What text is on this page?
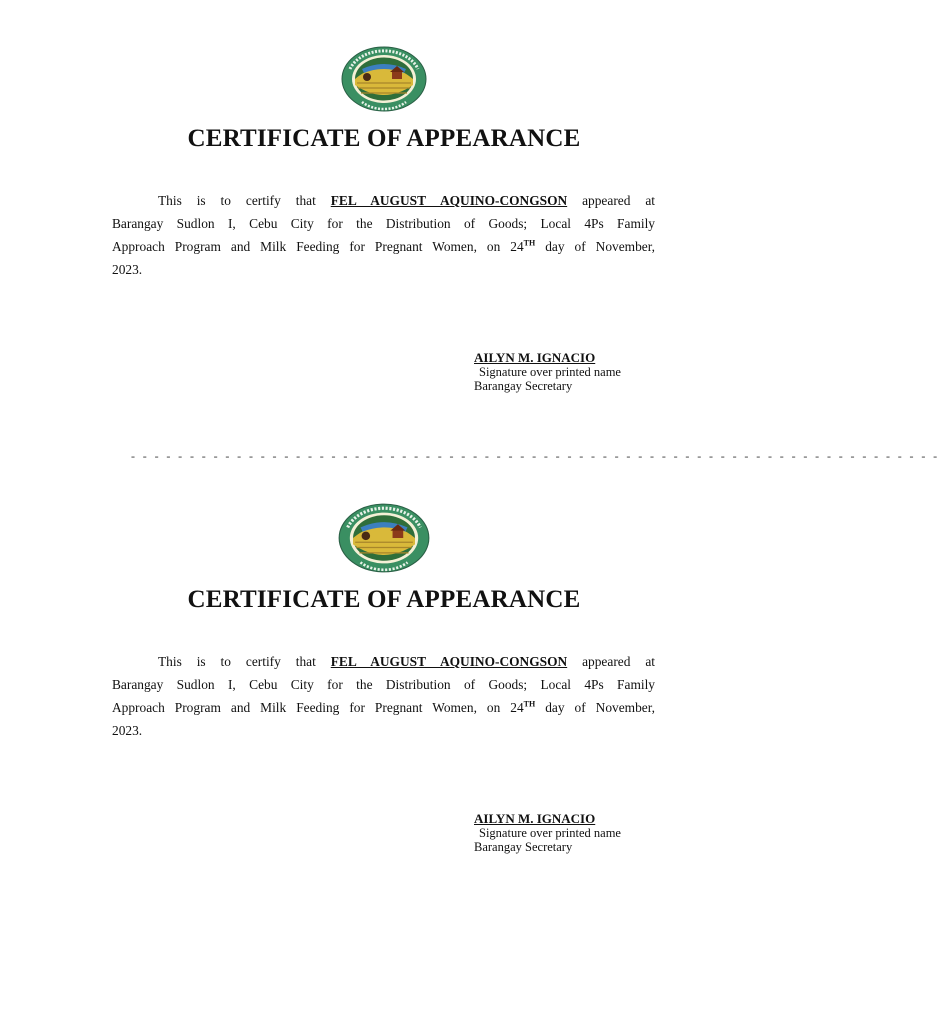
CERTIFICATE OF APPEARANCE
This is to certify that FEL AUGUST AQUINO-CONGSON appeared at
Barangay Sudlon I, Cebu City for the Distribution of Goods; Local 4Ps Family
Approach Program and Milk Feeding for Pregnant Women, on 24TH day of November,
2023.
AILYN M. IGNACIO
Signature over printed name
Barangay Secretary
- - - - - - - - - - - - - - - - - - - - - - - - - - - - - - - - - - - - - - - - - - - - - - - - - - - - - - - - - - - - - - - - - - - - -
CERTIFICATE OF APPEARANCE
This is to certify that FEL AUGUST AQUINO-CONGSON appeared at
Barangay Sudlon I, Cebu City for the Distribution of Goods; Local 4Ps Family
Approach Program and Milk Feeding for Pregnant Women, on 24TH day of November,
2023.
AILYN M. IGNACIO
Signature over printed name
Barangay Secretary
